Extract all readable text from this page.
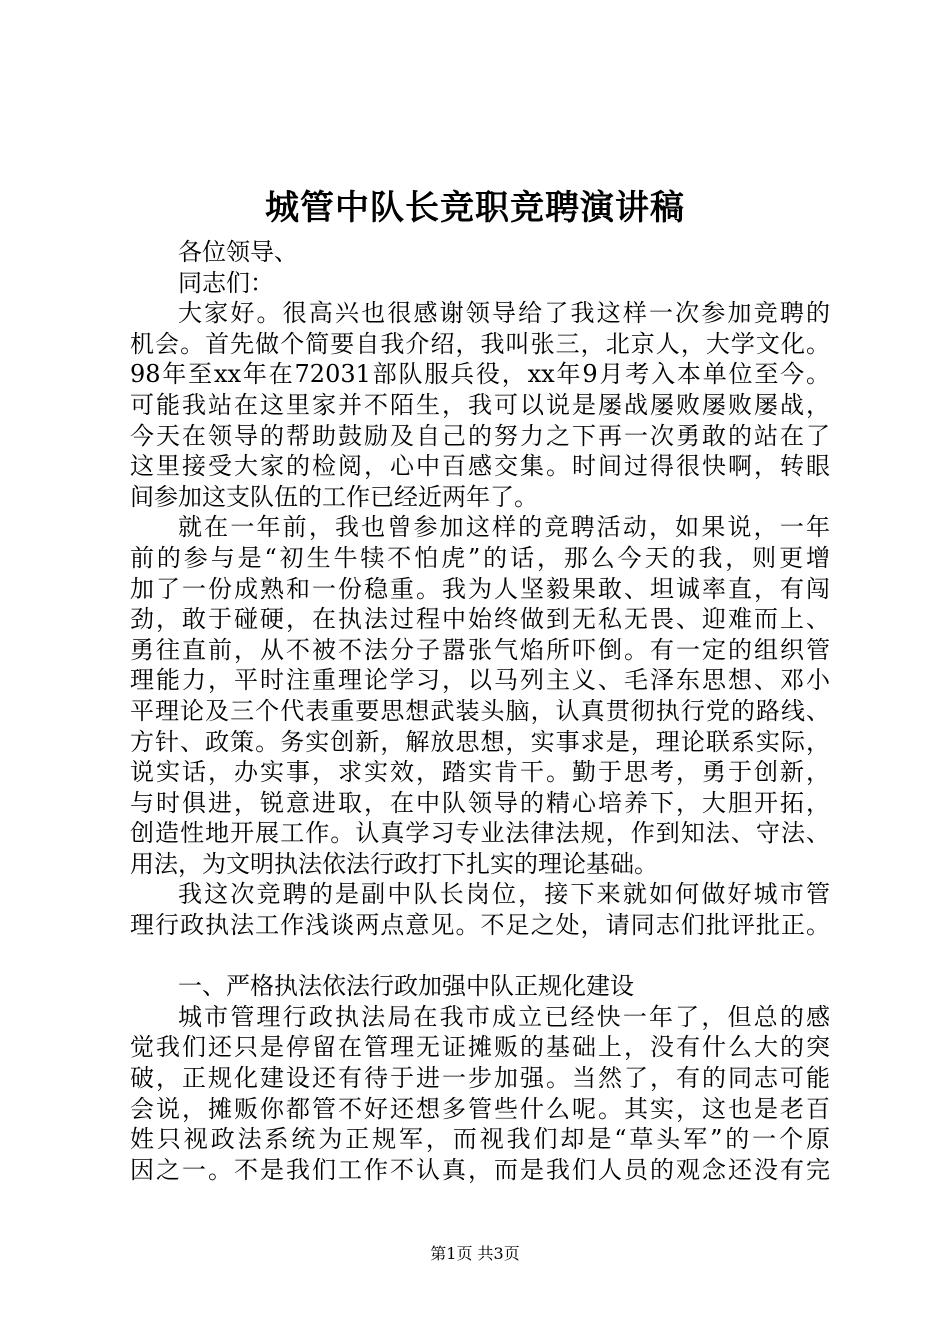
城管中队长竞职竞聘演讲稿
各位领导、
同志们：
大家好。很高兴也很感谢领导给了我这样一次参加竞聘的
机会。首先做个简要自我介绍，我叫张三，北京人，大学文化。
98年至xx年在72031部队服兵役，xx年9月考入本单位至今。
可能我站在这里家并不陌生，我可以说是屡战屡败屡败屡战，
今天在领导的帮助鼓励及自己的努力之下再一次勇敢的站在了
这里接受大家的检阅，心中百感交集。时间过得很快啊，转眼
间参加这支队伍的工作已经近两年了。
就在一年前，我也曾参加这样的竞聘活动，如果说，一年
前的参与是“初生牛犊不怕虎”的话，那么今天的我，则更增
加了一份成熟和一份稳重。我为人坚毅果敢、坦诚率直，有闯
劲，敢于碰硬，在执法过程中始终做到无私无畏、迎难而上、
勇往直前，从不被不法分子嚣张气焰所吓倒。有一定的组织管
理能力，平时注重理论学习，以马列主义、毛泽东思想、邓小
平理论及三个代表重要思想武装头脑，认真贯彻执行党的路线、
方针、政策。务实创新，解放思想，实事求是，理论联系实际，
说实话，办实事，求实效，踏实肯干。勤于思考，勇于创新，
与时俱进，锐意进取，在中队领导的精心培养下，大胆开拓，
创造性地开展工作。认真学习专业法律法规，作到知法、守法、
用法，为文明执法依法行政打下扎实的理论基础。
我这次竞聘的是副中队长岗位，接下来就如何做好城市管
理行政执法工作浅谈两点意见。不足之处，请同志们批评批正。
一、严格执法依法行政加强中队正规化建设
城市管理行政执法局在我市成立已经快一年了，但总的感
觉我们还只是停留在管理无证摊贩的基础上，没有什么大的突
破，正规化建设还有待于进一步加强。当然了，有的同志可能
会说，摊贩你都管不好还想多管些什么呢。其实，这也是老百
姓只视政法系统为正规军，而视我们却是“草头军”的一个原
因之一。不是我们工作不认真，而是我们人员的观念还没有完
第1页 共3页
